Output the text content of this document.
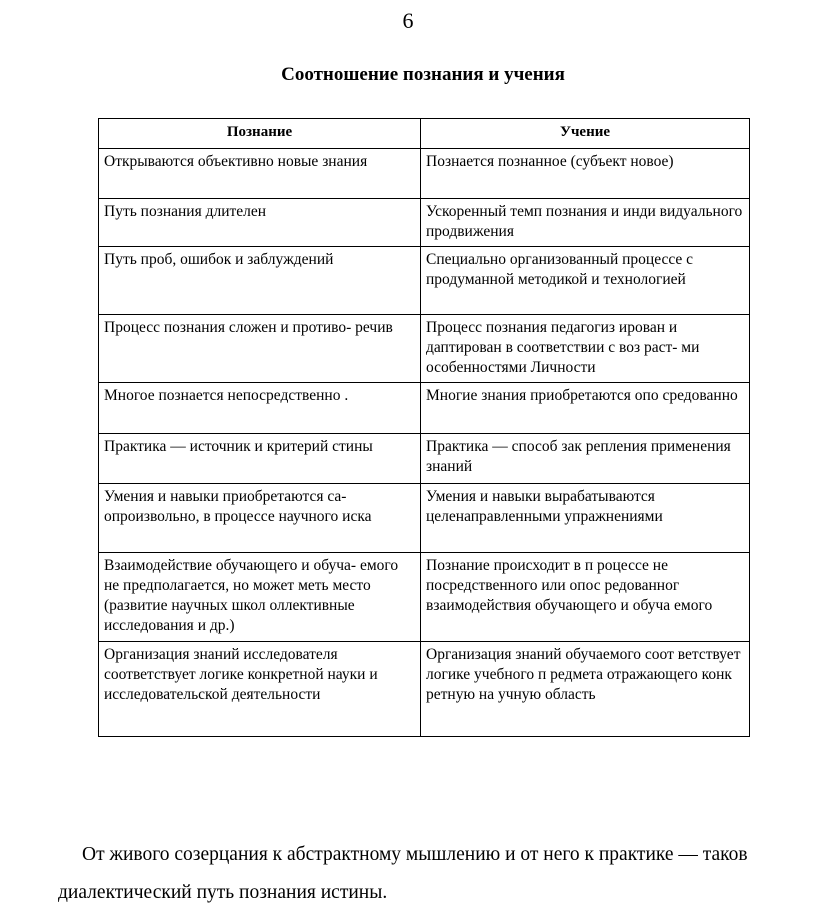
6
Соотношение познания и учения
Познание	Учение
Открываются объективно новые знания	Познается познанное (субъект новое)
Путь познания длителен	Ускоренный темп познания и инди видуального продвижения
Путь проб, ошибок и заблуждений	Специально организованный процессе с продуманной методикой и технологией
Процесс познания сложен и противо- речив	Процесс познания педагогиз ирован и даптирован в соответствии с воз раст- ми особенностями Личности
Многое познается непосредственно .	Многие знания приобретаются опо средованно
Практика — источник и критерий стины	Практика — способ зак репления применения знаний
Умения и навыки приобретаются са- опроизвольно, в процессе научного иска	Умения и навыки вырабатываются целенаправленными упражнениями
Взаимодействие обучающего и обуча- емого не предполагается, но может меть место (развитие научных школ оллективные исследования и др.)	Познание происходит в п роцессе не посредственного или опос редованног взаимодействия обучающего и обуча емого
Организация знаний исследователя соответствует логике конкретной науки и исследовательской деятельности	Организация знаний обучаемого соот ветствует логике учебного п редмета отражающего конк ретную на учную область

От живого созерцания к абстрактному мышлению и от него к практике — таков диалектический путь познания истины.
